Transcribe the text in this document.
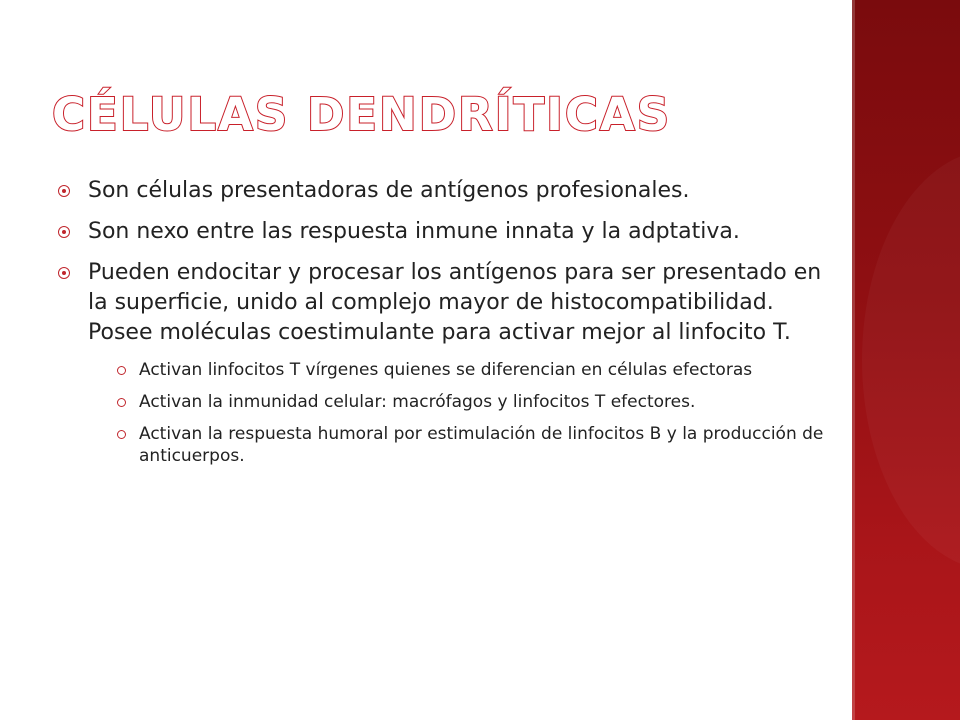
CÉLULAS DENDRÍTICAS
Son células presentadoras de antígenos profesionales.
Son nexo entre las respuesta inmune innata y la adptativa.
Pueden endocitar y procesar los antígenos para ser presentado en la superficie, unido al complejo mayor de histocompatibilidad. Posee moléculas coestimulante para activar mejor al linfocito T.
Activan linfocitos T vírgenes quienes se diferencian en células efectoras
Activan la inmunidad celular: macrófagos y linfocitos T efectores.
Activan la respuesta humoral por estimulación de linfocitos B y la producción de anticuerpos.
